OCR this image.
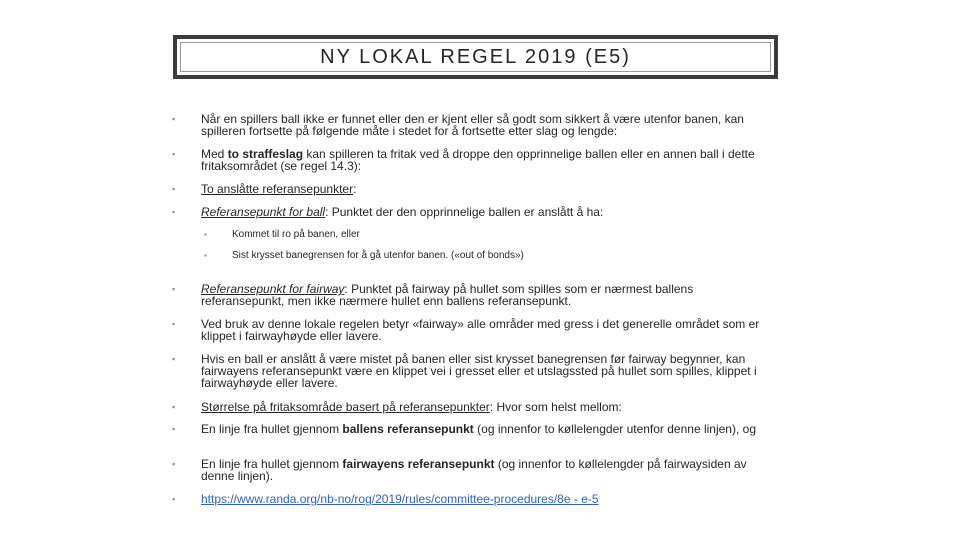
NY LOKAL REGEL 2019 (E5)
▪ Når en spillers ball ikke er funnet eller den er kjent eller så godt som sikkert å være utenfor banen, kan spilleren fortsette på følgende måte i stedet for å fortsette etter slag og lengde:
▪ Med to straffeslag kan spilleren ta fritak ved å droppe den opprinnelige ballen eller en annen ball i dette fritaksområdet (se regel 14.3):
▪ To anslåtte referansepunkter:
▪ Referansepunkt for ball: Punktet der den opprinnelige ballen er anslått å ha:
▪	Kommet til ro på banen, eller
▪	Sist krysset banegrensen for å gå utenfor banen. («out of bonds»)
▪ Referansepunkt for fairway: Punktet på fairway på hullet som spilles som er nærmest ballens referansepunkt, men ikke nærmere hullet enn ballens referansepunkt.
▪ Ved bruk av denne lokale regelen betyr «fairway» alle områder med gress i det generelle området som er klippet i fairwayhøyde eller lavere.
▪ Hvis en ball er anslått å være mistet på banen eller sist krysset banegrensen før fairway begynner, kan fairwayens referansepunkt være en klippet vei i gresset eller et utslagssted på hullet som spilles, klippet i fairwayhøyde eller lavere.
▪ Størrelse på fritaksområde basert på referansepunkter: Hvor som helst mellom:
▪ En linje fra hullet gjennom ballens referansepunkt (og innenfor to køllelengder utenfor denne linjen), og
▪ En linje fra hullet gjennom fairwayens referansepunkt (og innenfor to køllelengder på fairwaysiden av denne linjen).
▪ https://www.randa.org/nb-no/rog/2019/rules/committee-procedures/8e - e-5
